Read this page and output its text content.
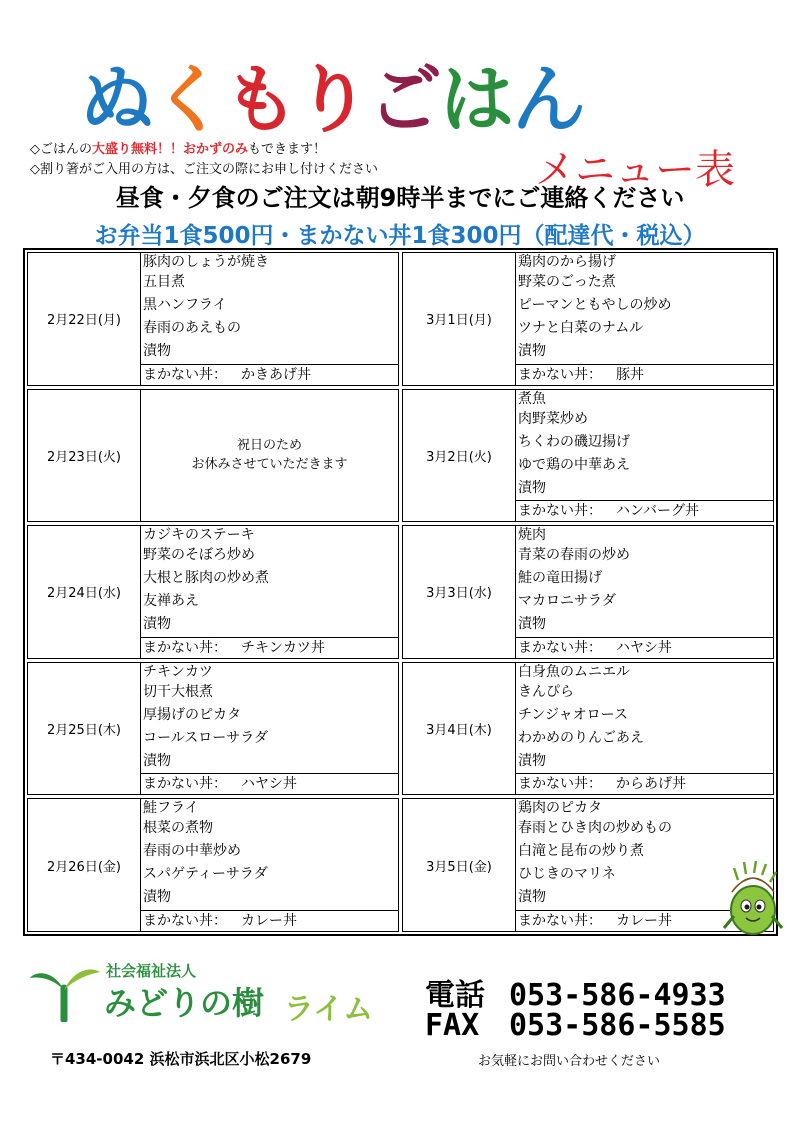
ぬくもりごはん
メニュー表
◇ごはんの大盛り無料！！おかずのみもできます！
◇割り箸がご入用の方は、ご注文の際にお申し付けください
昼食・夕食のご注文は朝9時半までにご連絡ください
お弁当1食500円・まかない丼1食300円（配達代・税込）
2月22日(月)
豚肉のしょうが焼き
五目煮
黒ハンフライ
春雨のあえもの
漬物
まかない丼： かきあげ丼
3月1日(月)
鶏肉のから揚げ
野菜のごった煮
ピーマンともやしの炒め
ツナと白菜のナムル
漬物
まかない丼： 豚丼
2月23日(火)
祝日のため
お休みさせていただきます	3月2日(火)
煮魚
肉野菜炒め
ちくわの磯辺揚げ
ゆで鶏の中華あえ
漬物
まかない丼： ハンバーグ丼
2月24日(水)
カジキのステーキ
野菜のそぼろ炒め
大根と豚肉の炒め煮
友禅あえ
漬物
まかない丼： チキンカツ丼
3月3日(水)
焼肉
青菜の春雨の炒め
鮭の竜田揚げ
マカロニサラダ
漬物
まかない丼： ハヤシ丼
2月25日(木)
チキンカツ
切干大根煮
厚揚げのピカタ
コールスローサラダ
漬物
まかない丼： ハヤシ丼
3月4日(木)
白身魚のムニエル
きんぴら
チンジャオロース
わかめのりんごあえ
漬物
まかない丼： からあげ丼
2月26日(金)
鮭フライ
根菜の煮物
春雨の中華炒め
スパゲティーサラダ
漬物
まかない丼： カレー丼
3月5日(金)
鶏肉のピカタ
春雨とひき肉の炒めもの
白滝と昆布の炒り煮
ひじきのマリネ
漬物
まかない丼： カレー丼
社会福祉法人
みどりの樹 ライム 電話 053-586-4933
FAX 053-586-5585
〒434-0042 浜松市浜北区小松2679	お気軽にお問い合わせください
